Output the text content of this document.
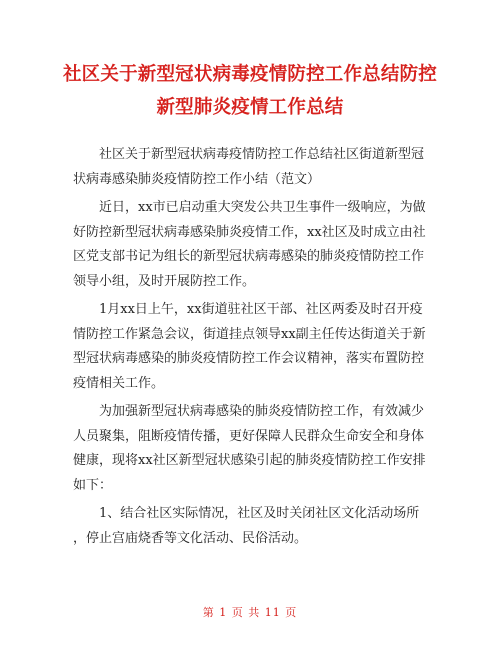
社区关于新型冠状病毒疫情防控工作总结防控
新型肺炎疫情工作总结

社区关于新型冠状病毒疫情防控工作总结社区街道新型冠
状病毒感染肺炎疫情防控工作小结（范文）

近日，xx市已启动重大突发公共卫生事件一级响应，为做
好防控新型冠状病毒感染肺炎疫情工作，xx社区及时成立由社
区党支部书记为组长的新型冠状病毒感染的肺炎疫情防控工作
领导小组，及时开展防控工作。

1月xx日上午，xx街道驻社区干部、社区两委及时召开疫
情防控工作紧急会议，街道挂点领导xx副主任传达街道关于新
型冠状病毒感染的肺炎疫情防控工作会议精神，落实布置防控
疫情相关工作。

为加强新型冠状病毒感染的肺炎疫情防控工作，有效减少
人员聚集，阻断疫情传播，更好保障人民群众生命安全和身体
健康，现将xx社区新型冠状感染引起的肺炎疫情防控工作安排
如下：

1、结合社区实际情况，社区及时关闭社区文化活动场所
，停止宫庙烧香等文化活动、民俗活动。

第 1 页 共 11 页
